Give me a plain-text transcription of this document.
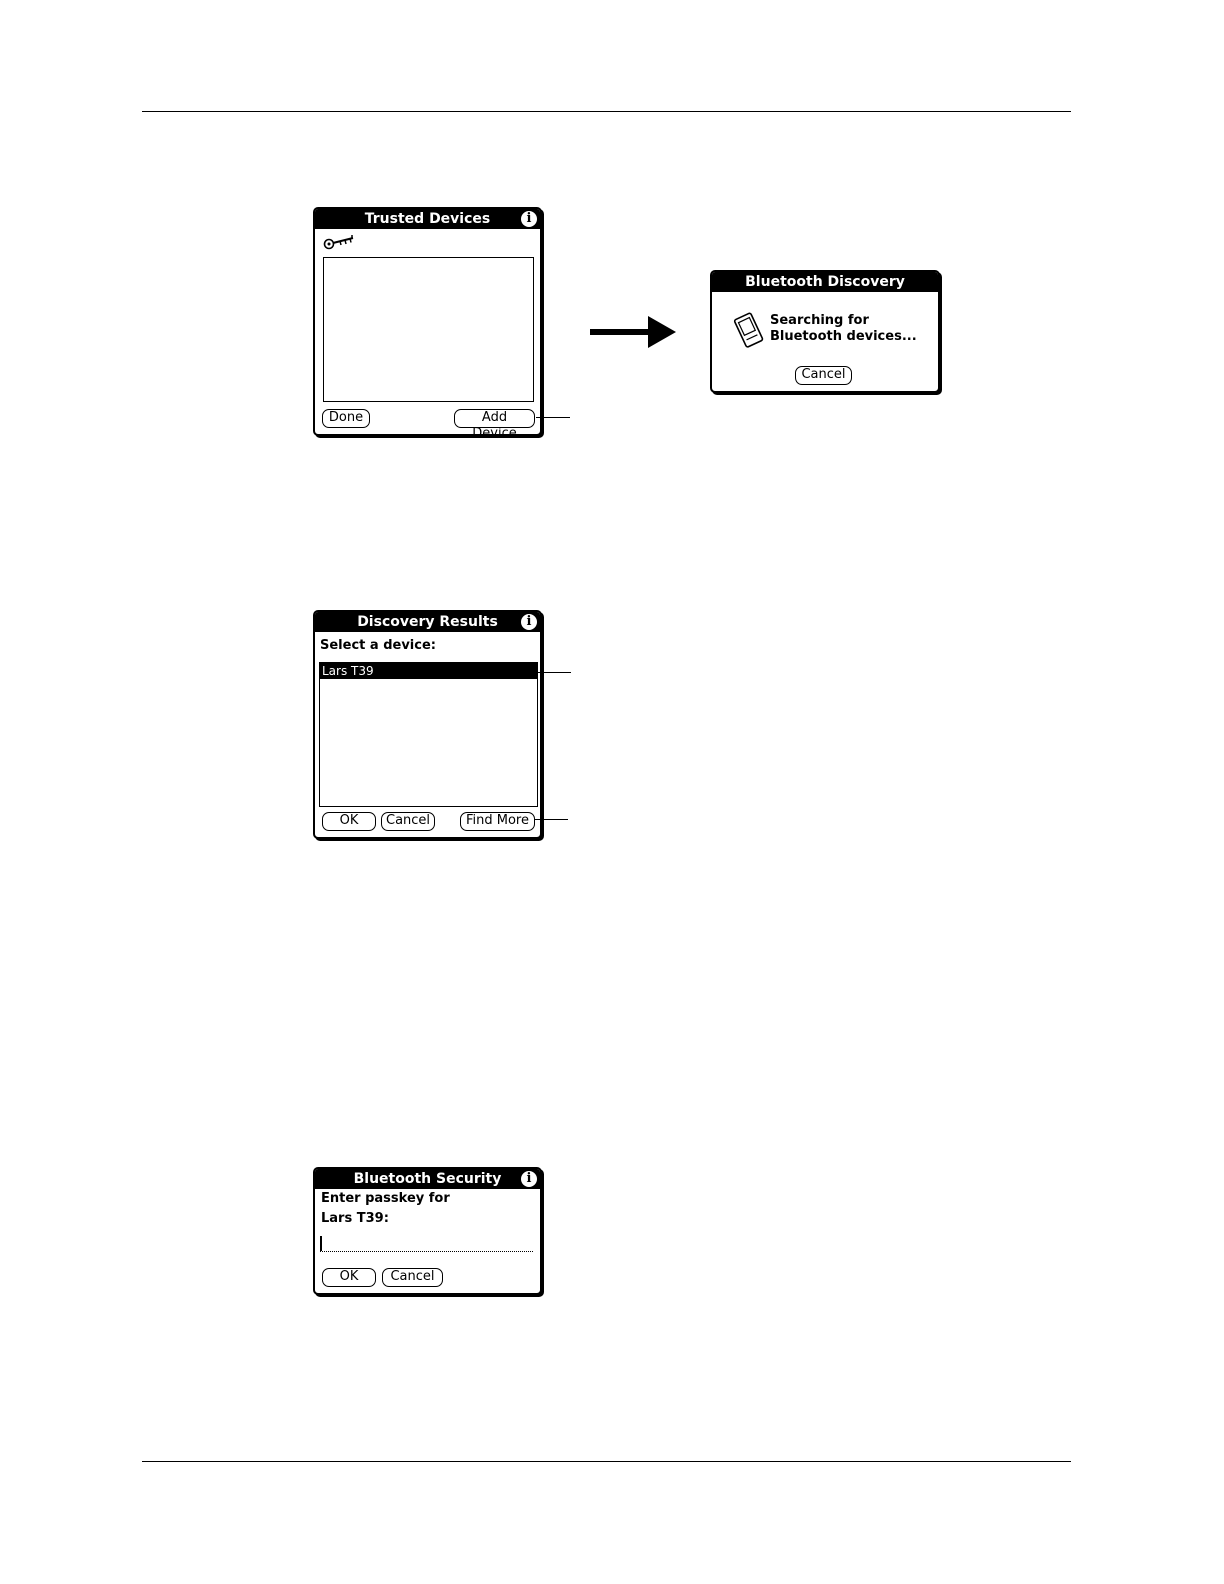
Trusted Devices	i
Done	Add Device
Bluetooth Discovery
Searching for
Bluetooth devices...
Cancel
Discovery Results	i
Select a device:
Lars T39
OK	Cancel	Find More
Bluetooth Security	i
Enter passkey for
Lars T39:
OK	Cancel
